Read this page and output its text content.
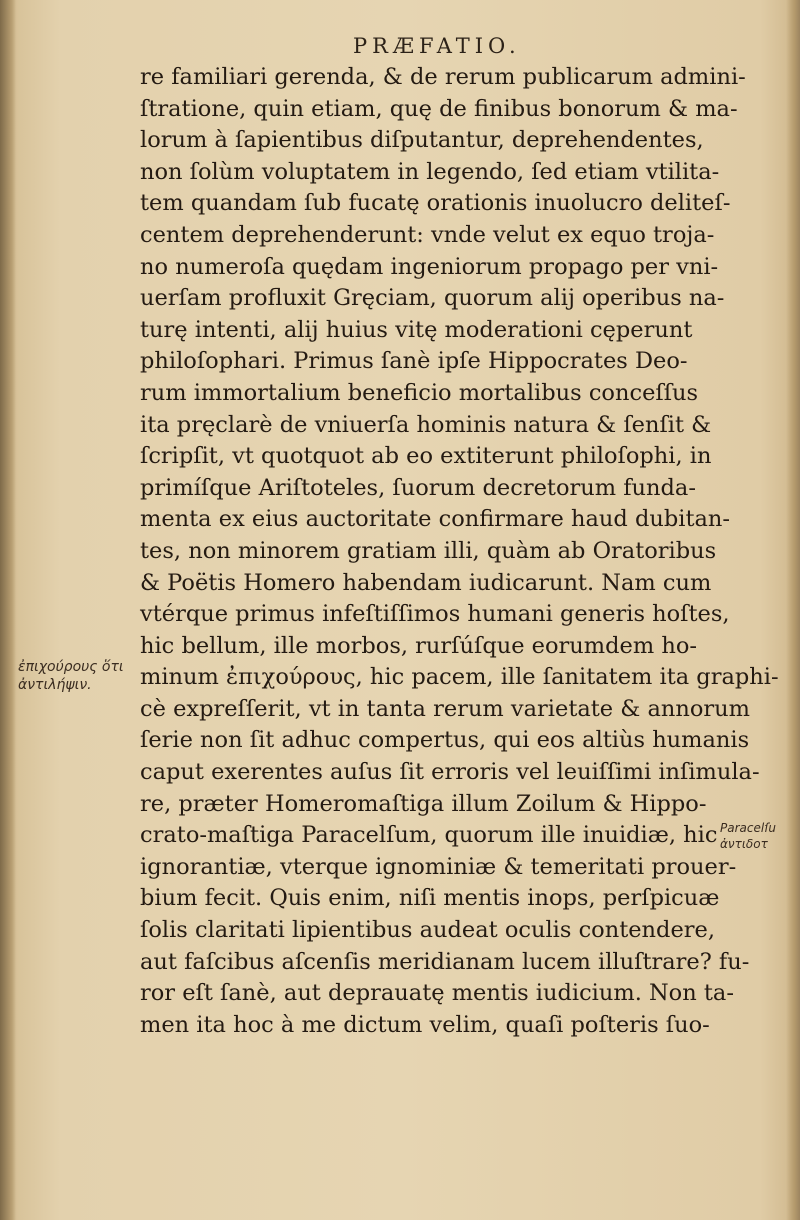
PRÆFATIO.
re familiari gerenda, & de rerum publicarum admini-
ſtratione, quin etiam, quę de finibus bonorum & ma-
lorum à ſapientibus diſputantur, deprehendentes,
non ſolùm voluptatem in legendo, ſed etiam vtilita-
tem quandam ſub fucatę orationis inuolucro deliteſ-
centem deprehenderunt: vnde velut ex equo troja-
no numeroſa quędam ingeniorum propago per vni-
uerſam profluxit Gręciam, quorum alij operibus na-
turę intenti, alij huius vitę moderationi cęperunt
philoſophari. Primus ſanè ipſe Hippocrates Deo-
rum immortalium beneficio mortalibus conceſſus
ita pręclarè de vniuerſa hominis natura & ſenſit &
ſcripſit, vt quotquot ab eo extiterunt philoſophi, in
primíſque Ariſtoteles, ſuorum decretorum funda-
menta ex eius auctoritate confirmare haud dubitan-
tes, non minorem gratiam illi, quàm ab Oratoribus
& Poëtis Homero habendam iudicarunt. Nam cum
vtérque primus infeſtiſſimos humani generis hoſtes,
hic bellum, ille morbos, rurſúſque eorumdem ho-
minum ἐπιχούρους, hic pacem, ille ſanitatem ita graphi-
cè expreſſerit, vt in tanta rerum varietate & annorum
ſerie non ſit adhuc compertus, qui eos altiùs humanis
caput exerentes auſus ſit erroris vel leuiſſimi inſimula-
re, præter Homeromaſtiga illum Zoilum & Hippo-
crato-maſtiga Paracelſum, quorum ille inuidiæ, hic
ignorantiæ, vterque ignominiæ & temeritati prouer-
bium fecit. Quis enim, niſi mentis inops, perſpicuæ
ſolis claritati lipientibus audeat oculis contendere,
aut faſcibus aſcenſis meridianam lucem illuſtrare? fu-
ror eſt ſanè, aut deprauatę mentis iudicium. Non ta-
men ita hoc à me dictum velim, quaſi poſteris ſuo-
ἐπιχούρους ὅτι
ἀντιλήψιν.
Paracelſu
ἀντιδοτ
